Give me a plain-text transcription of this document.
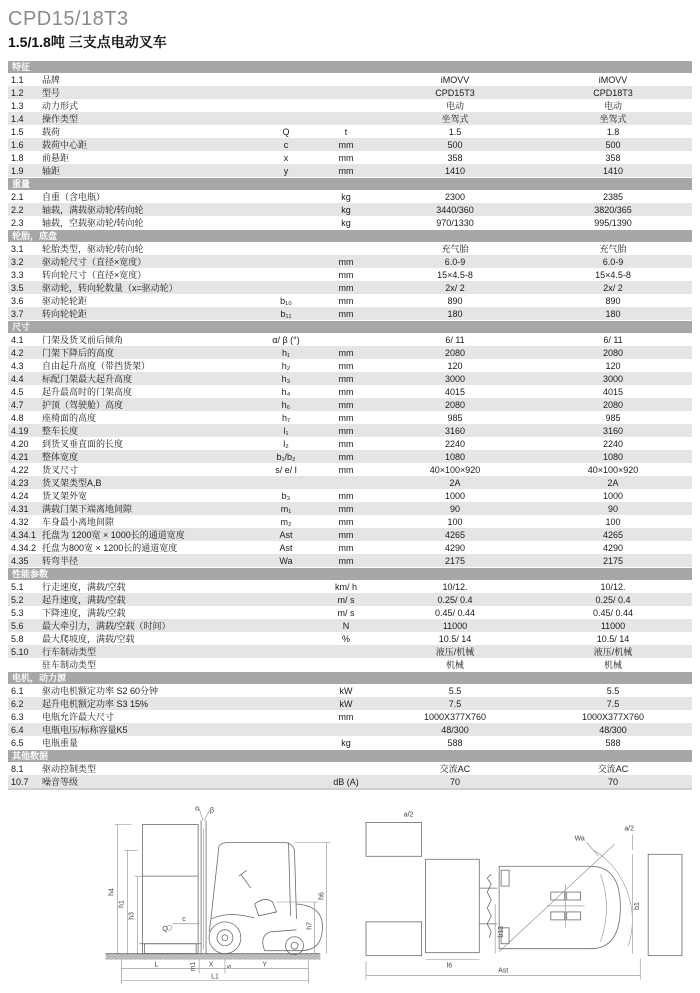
CPD15/18T3
1.5/1.8吨 三支点电动叉车
特征
1.1	品牌	iMOVV	iMOVV
1.2	型号	CPD15T3	CPD18T3
1.3	动力形式	电动	电动
1.4	操作类型	坐驾式	坐驾式
1.5	载荷	Q	t	1.5	1.8
1.6	载荷中心距	c	mm	500	500
1.8	前悬距	x	mm	358	358
1.9	轴距	y	mm	1410	1410
重量
2.1	自重（含电瓶）	kg	2300	2385
2.2	轴载，满载驱动轮/转向轮	kg	3440/360	3820/365
2.3	轴载，空载驱动轮/转向轮	kg	970/1330	995/1390
轮胎，底盘
3.1	轮胎类型，驱动轮/转向轮	充气胎	充气胎
3.2	驱动轮尺寸（直径×宽度）	mm	6.0-9	6.0-9
3.3	转向轮尺寸（直径×宽度）	mm	15×4.5-8	15×4.5-8
3.5	驱动轮，转向轮数量（x=驱动轮）	mm	2x/ 2	2x/ 2
3.6	驱动轮轮距	b₁₀	mm	890	890
3.7	转向轮轮距	b₁₁	mm	180	180
尺寸
4.1	门架及货叉前后倾角	α/ β (°)	6/ 11	6/ 11
4.2	门架下降后的高度	h₁	mm	2080	2080
4.3	自由起升高度（带挡货架）	h₂	mm	120	120
4.4	标配门架最大起升高度	h₃	mm	3000	3000
4.5	起升最高时的门架高度	h₄	mm	4015	4015
4.7	护顶（驾驶舱）高度	h₆	mm	2080	2080
4.8	座椅面的高度	h₇	mm	985	985
4.19	整车长度	l₁	mm	3160	3160
4.20	到货叉垂直面的长度	l₂	mm	2240	2240
4.21	整体宽度	b₁/b₂	mm	1080	1080
4.22	货叉尺寸	s/ e/ l	mm	40×100×920	40×100×920
4.23	货叉架类型A,B	2A	2A
4.24	货叉架外宽	b₃	mm	1000	1000
4.31	满载门架下端离地间隙	m₁	mm	90	90
4.32	车身最小离地间隙	m₂	mm	100	100
4.34.1 托盘为 1200宽 × 1000长的通道宽度	Ast	mm	4265	4265
4.34.2 托盘为800宽 × 1200长的通道宽度	Ast	mm	4290	4290
4.35	转弯半径	Wa	mm	2175	2175
性能参数
5.1	行走速度，满载/空载	km/ h	10/12.	10/12.
5.2	起升速度，满载/空载	m/ s	0.25/ 0.4	0.25/ 0.4
5.3	下降速度，满载/空载	m/ s	0.45/ 0.44	0.45/ 0.44
5.6	最大牵引力，满载/空载（时间）	N	11000	11000
5.8	最大爬坡度，满载/空载	%	10.5/ 14	10.5/ 14
5.10	行车制动类型	液压/机械	液压/机械
驻车制动类型	机械	机械
电机，动力源
6.1	驱动电机额定功率 S2 60分钟	kW	5.5	5.5
6.2	起升电机额定功率 S3 15%	kW	7.5	7.5
6.3	电瓶允许最大尺寸	mm	1000X377X760	1000X377X760
6.4	电瓶电压/标称容量K5	48/300	48/300
6.5	电瓶重量	kg	588	588
其他数据
8.1	驱动控制类型	交流AC	交流AC
10.7	噪音等级	dB (A)	70	70
h4
h1
h3
α β
c
Q
h6
h7
m1
L	X s	Y
L1
a/2
l6
b13
Wa
a/2
b1
Ast
